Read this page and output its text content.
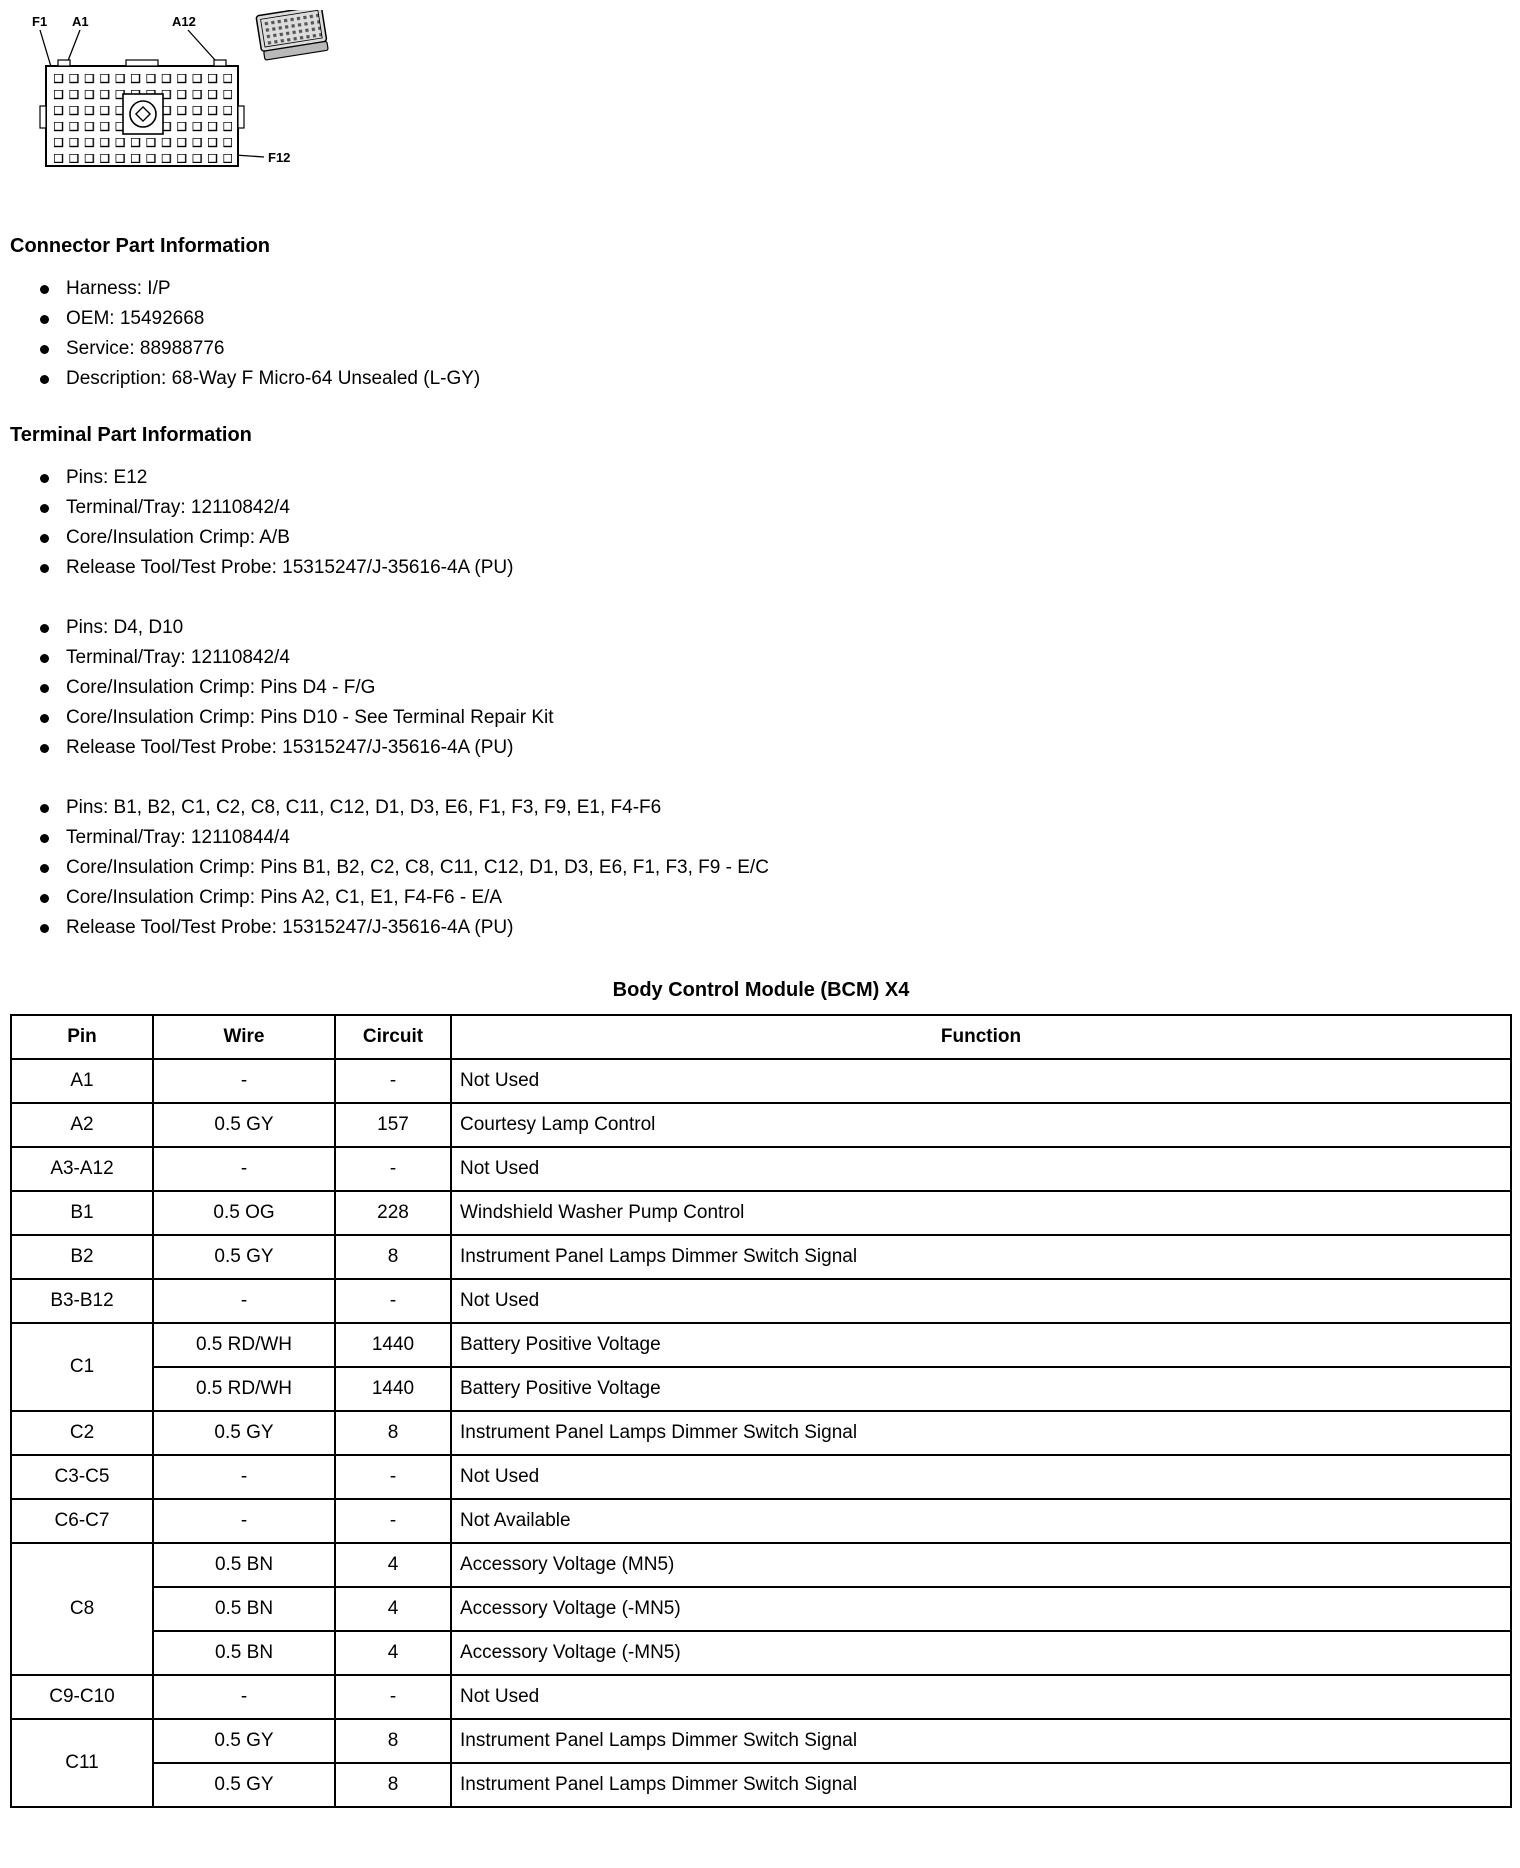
F1 A1	A12
F12
Connector Part Information
Harness: I/P
OEM: 15492668
Service: 88988776
Description: 68-Way F Micro-64 Unsealed (L-GY)
Terminal Part Information
Pins: E12
Terminal/Tray: 12110842/4
Core/Insulation Crimp: A/B
Release Tool/Test Probe: 15315247/J-35616-4A (PU)
Pins: D4, D10
Terminal/Tray: 12110842/4
Core/Insulation Crimp: Pins D4 - F/G
Core/Insulation Crimp: Pins D10 - See Terminal Repair Kit
Release Tool/Test Probe: 15315247/J-35616-4A (PU)
Pins: B1, B2, C1, C2, C8, C11, C12, D1, D3, E6, F1, F3, F9, E1, F4-F6
Terminal/Tray: 12110844/4
Core/Insulation Crimp: Pins B1, B2, C2, C8, C11, C12, D1, D3, E6, F1, F3, F9 - E/C
Core/Insulation Crimp: Pins A2, C1, E1, F4-F6 - E/A
Release Tool/Test Probe: 15315247/J-35616-4A (PU)
Body Control Module (BCM) X4
Pin	Wire	Circuit	Function
A1	-	-	Not Used
A2	0.5 GY	157	Courtesy Lamp Control
A3-A12	-	-	Not Used
B1	0.5 OG	228	Windshield Washer Pump Control
B2	0.5 GY	8	Instrument Panel Lamps Dimmer Switch Signal
B3-B12	-	-	Not Used
C1	0.5 RD/WH	1440	Battery Positive Voltage
	0.5 RD/WH	1440	Battery Positive Voltage
C2	0.5 GY	8	Instrument Panel Lamps Dimmer Switch Signal
C3-C5	-	-	Not Used
C6-C7	-	-	Not Available
C8	0.5 BN	4	Accessory Voltage (MN5)
	0.5 BN	4	Accessory Voltage (-MN5)
	0.5 BN	4	Accessory Voltage (-MN5)
C9-C10	-	-	Not Used
C11	0.5 GY	8	Instrument Panel Lamps Dimmer Switch Signal
	0.5 GY	8	Instrument Panel Lamps Dimmer Switch Signal
